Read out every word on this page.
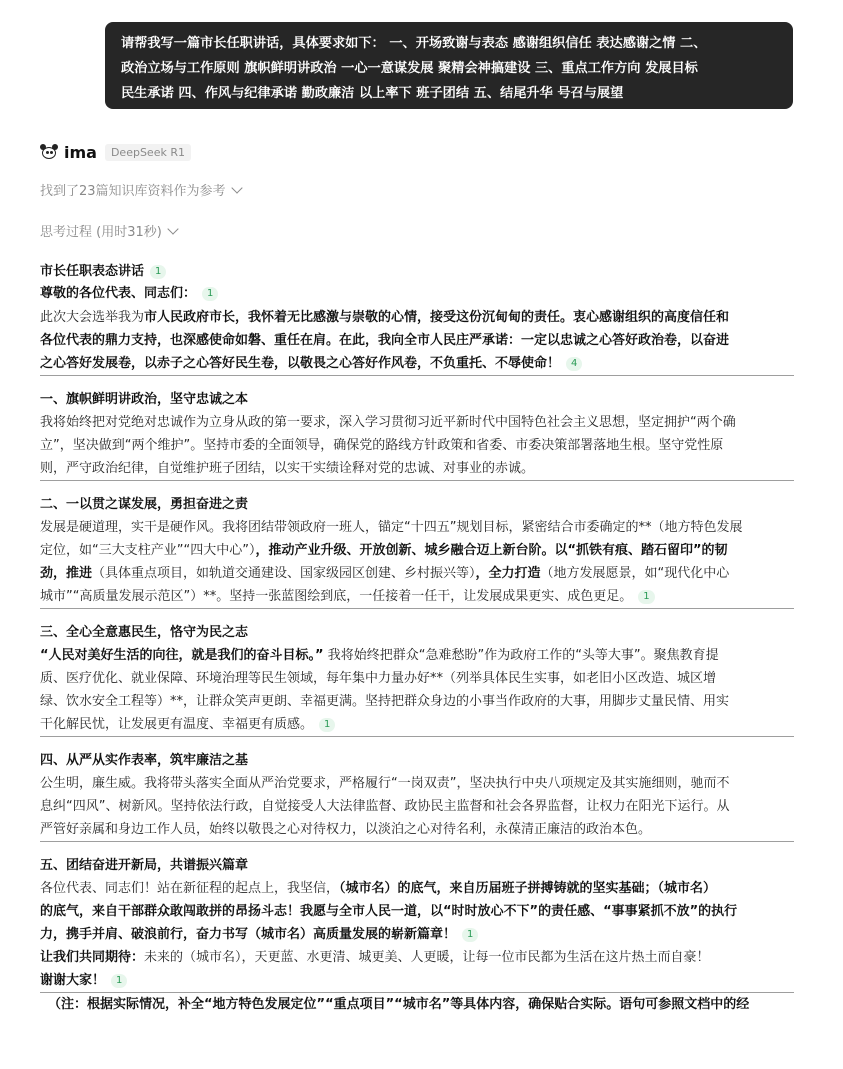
请帮我写一篇市长任职讲话，具体要求如下： 一、开场致谢与表态 感谢组织信任 表达感谢之情 二、
政治立场与工作原则 旗帜鲜明讲政治 一心一意谋发展 聚精会神搞建设 三、重点工作方向 发展目标
民生承诺 四、作风与纪律承诺 勤政廉洁 以上率下 班子团结 五、结尾升华 号召与展望
ima	DeepSeek R1
找到了23篇知识库资料作为参考
思考过程 (用时31秒)
市长任职表态讲话 1
尊敬的各位代表、同志们： 1
此次大会选举我为市人民政府市长，我怀着无比感激与崇敬的心情，接受这份沉甸甸的责任。衷心感谢组织的高度信任和
各位代表的鼎力支持，也深感使命如磐、重任在肩。在此，我向全市人民庄严承诺：一定以忠诚之心答好政治卷，以奋进
之心答好发展卷，以赤子之心答好民生卷，以敬畏之心答好作风卷，不负重托、不辱使命！ 4
一、旗帜鲜明讲政治，坚守忠诚之本
我将始终把对党绝对忠诚作为立身从政的第一要求，深入学习贯彻习近平新时代中国特色社会主义思想，坚定拥护“两个确
立”，坚决做到“两个维护”。坚持市委的全面领导，确保党的路线方针政策和省委、市委决策部署落地生根。坚守党性原
则，严守政治纪律，自觉维护班子团结，以实干实绩诠释对党的忠诚、对事业的赤诚。
二、一以贯之谋发展，勇担奋进之责
发展是硬道理，实干是硬作风。我将团结带领政府一班人，锚定“十四五”规划目标，紧密结合市委确定的**（地方特色发展
定位，如“三大支柱产业”“四大中心”），推动产业升级、开放创新、城乡融合迈上新台阶。以“抓铁有痕、踏石留印”的韧
劲，推进（具体重点项目，如轨道交通建设、国家级园区创建、乡村振兴等），全力打造（地方发展愿景，如“现代化中心
城市”“高质量发展示范区”）**。坚持一张蓝图绘到底，一任接着一任干，让发展成果更实、成色更足。 1
三、全心全意惠民生，恪守为民之志
“人民对美好生活的向往，就是我们的奋斗目标。” 我将始终把群众“急难愁盼”作为政府工作的“头等大事”。聚焦教育提
质、医疗优化、就业保障、环境治理等民生领域，每年集中力量办好**（列举具体民生实事，如老旧小区改造、城区增
绿、饮水安全工程等）**，让群众笑声更朗、幸福更满。坚持把群众身边的小事当作政府的大事，用脚步丈量民情、用实
干化解民忧，让发展更有温度、幸福更有质感。 1
四、从严从实作表率，筑牢廉洁之基
公生明，廉生威。我将带头落实全面从严治党要求，严格履行“一岗双责”，坚决执行中央八项规定及其实施细则，驰而不
息纠“四风”、树新风。坚持依法行政，自觉接受人大法律监督、政协民主监督和社会各界监督，让权力在阳光下运行。从
严管好亲属和身边工作人员，始终以敬畏之心对待权力，以淡泊之心对待名利，永葆清正廉洁的政治本色。
五、团结奋进开新局，共谱振兴篇章
各位代表、同志们！站在新征程的起点上，我坚信，（城市名）的底气，来自历届班子拼搏铸就的坚实基础；（城市名）
的底气，来自干部群众敢闯敢拼的昂扬斗志！我愿与全市人民一道，以“时时放心不下”的责任感、“事事紧抓不放”的执行
力，携手并肩、破浪前行，奋力书写（城市名）高质量发展的崭新篇章！ 1
让我们共同期待：未来的（城市名），天更蓝、水更清、城更美、人更暖，让每一位市民都为生活在这片热土而自豪！
谢谢大家！ 1
（注：根据实际情况，补全“地方特色发展定位”“重点项目”“城市名”等具体内容，确保贴合实际。语句可参照文档中的经
